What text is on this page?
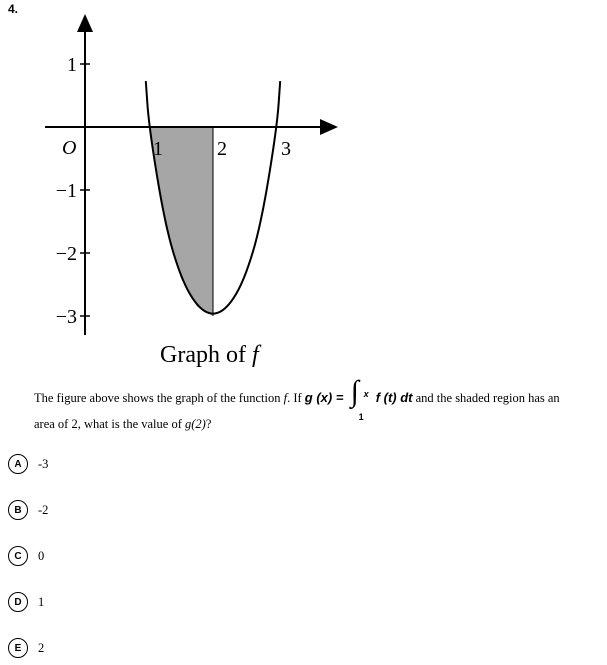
4.
1
−1
−2
−3
1	2	3
O
Graph of f
The figure above shows the graph of the function f. If g (x) = ∫ x
1
f (t) dt and the shaded region has an
area of 2, what is the value of g(2)?
A	-3
B	-2
C	0
D	1
E	2
